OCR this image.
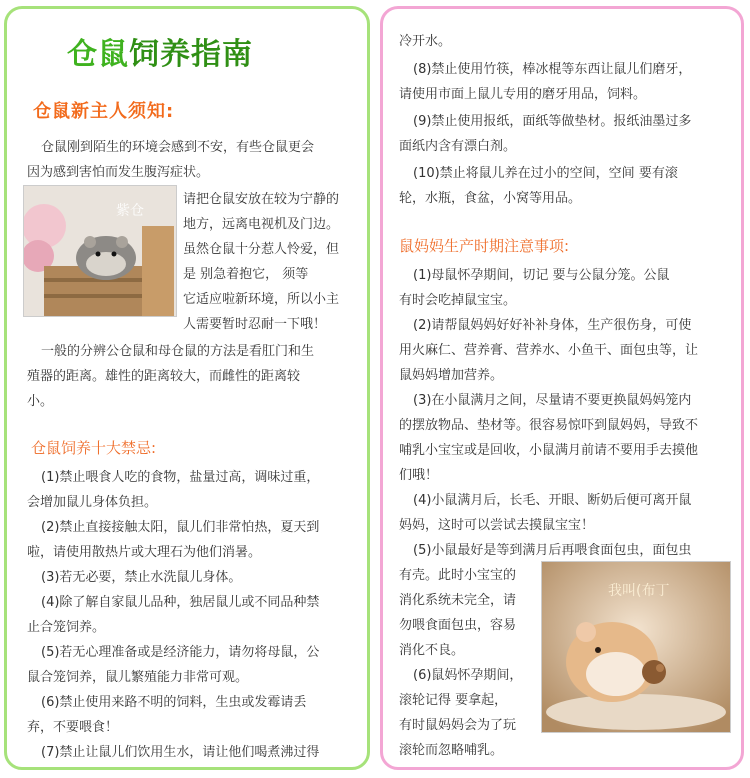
仓鼠饲养指南
仓鼠新主人须知:
仓鼠刚到陌生的环境会感到不安，有些仓鼠更会
因为感到害怕而发生腹泻症状。
紫仓
请把仓鼠安放在较为宁静的
地方，远离电视机及门边。
虽然仓鼠十分惹人怜爱，但
是 别急着抱它， 须等
它适应啦新环境，所以小主
人需要暂时忍耐一下哦！
一般的分辨公仓鼠和母仓鼠的方法是看肛门和生
殖器的距离。雄性的距离较大，而雌性的距离较
小。
仓鼠饲养十大禁忌:
(1)禁止喂食人吃的食物，盐量过高，调味过重，
会增加鼠儿身体负担。
(2)禁止直接接触太阳，鼠儿们非常怕热，夏天到
啦，请使用散热片或大理石为他们消暑。
(3)若无必要，禁止水洗鼠儿身体。
(4)除了解自家鼠儿品种，独居鼠儿或不同品种禁
止合笼饲养。
(5)若无心理准备或是经济能力，请勿将母鼠，公
鼠合笼饲养，鼠儿繁殖能力非常可观。
(6)禁止使用来路不明的饲料，生虫或发霉请丢
弃，不要喂食！
(7)禁止让鼠儿们饮用生水，请让他们喝煮沸过得
冷开水。
(8)禁止使用竹筷，棒冰棍等东西让鼠儿们磨牙，
请使用市面上鼠儿专用的磨牙用品，饲料。
(9)禁止使用报纸，面纸等做垫材。报纸油墨过多
面纸内含有漂白剂。
(10)禁止将鼠儿养在过小的空间，空间 要有滚
轮，水瓶，食盆，小窝等用品。
鼠妈妈生产时期注意事项:
(1)母鼠怀孕期间，切记 要与公鼠分笼。公鼠
有时会吃掉鼠宝宝。
(2)请帮鼠妈妈好好补补身体，生产很伤身，可使
用火麻仁、营养膏、营养水、小鱼干、面包虫等，让
鼠妈妈增加营养。
(3)在小鼠满月之间，尽量请不要更换鼠妈妈笼内
的摆放物品、垫材等。很容易惊吓到鼠妈妈，导致不
哺乳小宝宝或是回收，小鼠满月前请不要用手去摸他
们哦！
(4)小鼠满月后，长毛、开眼、断奶后便可离开鼠
妈妈，这时可以尝试去摸鼠宝宝！
(5)小鼠最好是等到满月后再喂食面包虫，面包虫
有壳。此时小宝宝的
消化系统未完全，请
勿喂食面包虫，容易
消化不良。
(6)鼠妈怀孕期间，
滚轮记得 要拿起，
有时鼠妈妈会为了玩
滚轮而忽略哺乳。
我叫(布丁
